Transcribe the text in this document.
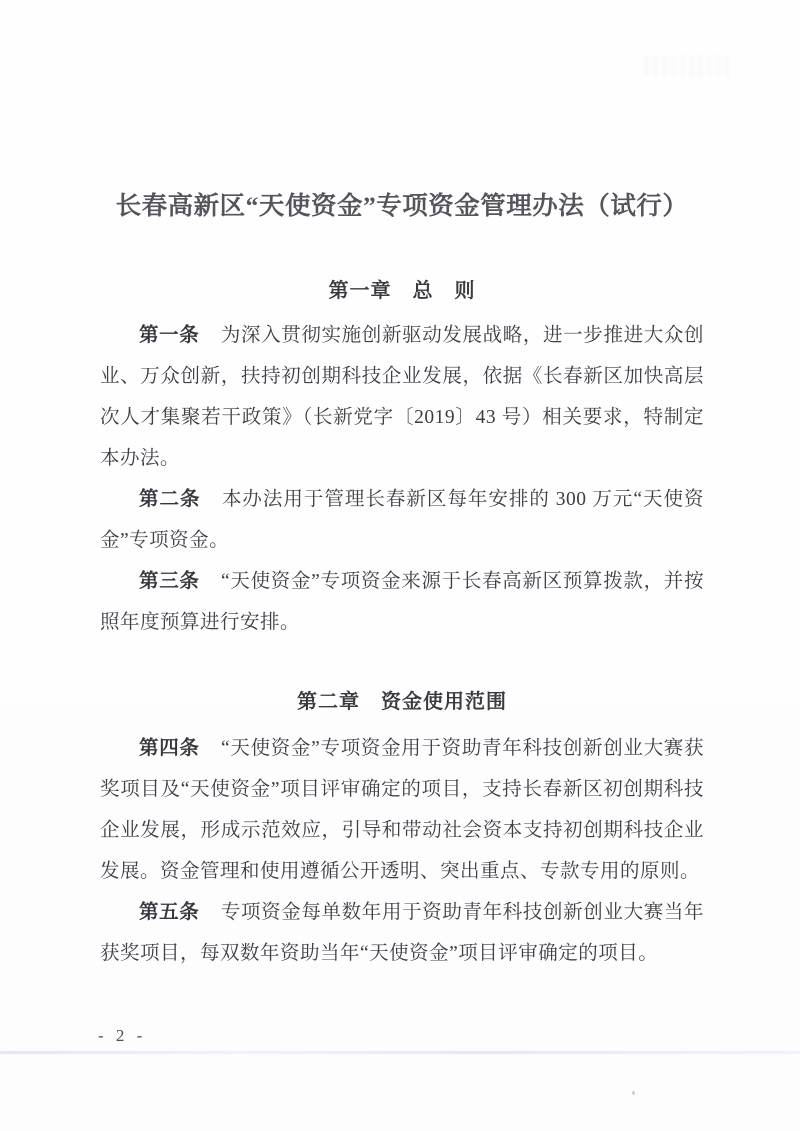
长春高新区“天使资金”专项资金管理办法（试行）
第一章　总　则

第一条 为深入贯彻实施创新驱动发展战略，进一步推进大众创业、万众创新，扶持初创期科技企业发展，依据《长春新区加快高层次人才集聚若干政策》（长新党字〔2019〕43 号）相关要求，特制定本办法。

第二条 本办法用于管理长春新区每年安排的 300 万元“天使资金”专项资金。

第三条 “天使资金”专项资金来源于长春高新区预算拨款，并按照年度预算进行安排。

第二章　资金使用范围

第四条 “天使资金”专项资金用于资助青年科技创新创业大赛获奖项目及“天使资金”项目评审确定的项目，支持长春新区初创期科技企业发展，形成示范效应，引导和带动社会资本支持初创期科技企业发展。资金管理和使用遵循公开透明、突出重点、专款专用的原则。

第五条 专项资金每单数年用于资助青年科技创新创业大赛当年获奖项目，每双数年资助当年“天使资金”项目评审确定的项目。

- 2 -
